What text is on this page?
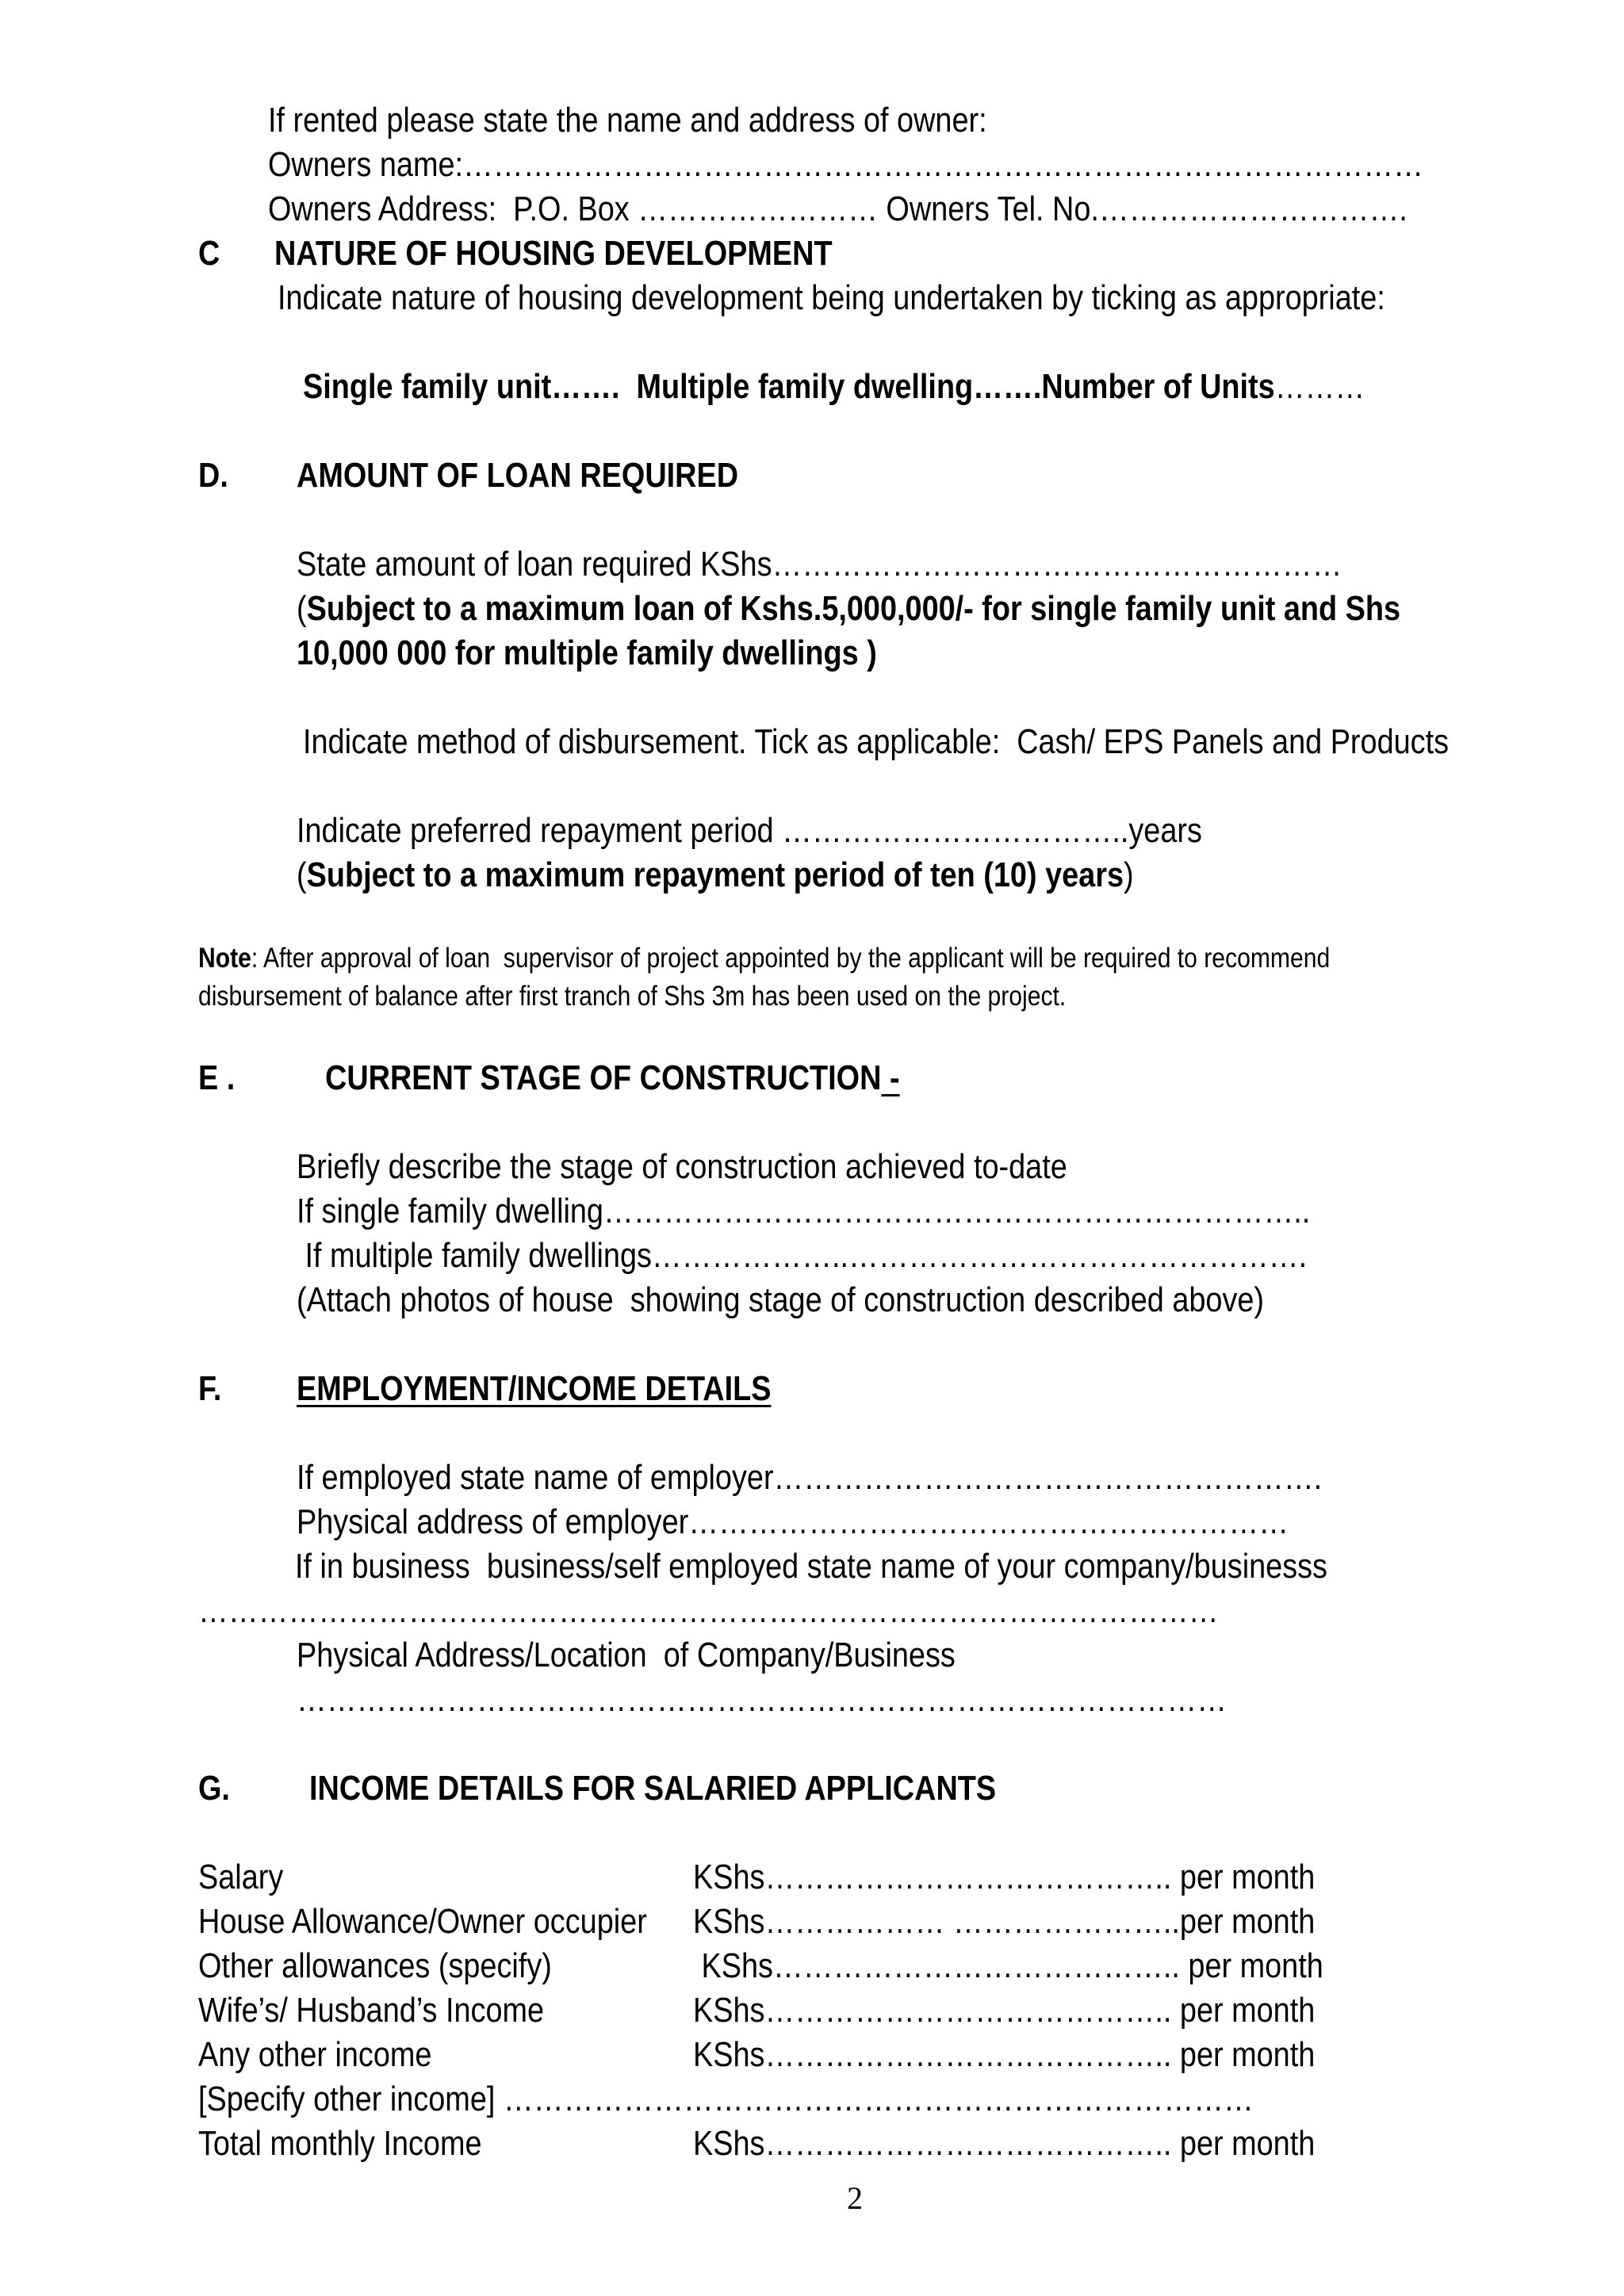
If rented please state the name and address of owner:
Owners name:……………………………………………………………………………………
Owners Address:  P.O. Box …………………… Owners Tel. No.………………………….
C NATURE OF HOUSING DEVELOPMENT
Indicate nature of housing development being undertaken by ticking as appropriate:
Single family unit…….  Multiple family dwelling…….Number of Units………
D. AMOUNT OF LOAN REQUIRED
State amount of loan required KShs…………………………………………………
(Subject to a maximum loan of Kshs.5,000,000/- for single family unit and Shs
10,000 000 for multiple family dwellings )
Indicate method of disbursement. Tick as applicable:  Cash/ EPS Panels and Products
Indicate preferred repayment period ……………………………..years
(Subject to a maximum repayment period of ten (10) years)
Note: After approval of loan  supervisor of project appointed by the applicant will be required to recommend
disbursement of balance after first tranch of Shs 3m has been used on the project.
E .	CURRENT STAGE OF CONSTRUCTION -
Briefly describe the stage of construction achieved to-date
If single family dwelling……………………………………………………………..
If multiple family dwellings………………..……………………………………….
(Attach photos of house  showing stage of construction described above)
F. EMPLOYMENT/INCOME DETAILS
If employed state name of employer……………………………………………….
Physical address of employer……………………………………………………
If in business  business/self employed state name of your company/businesss
…………………………………………………………………………………………
Physical Address/Location  of Company/Business
…………………………………………………………………………………
G. INCOME DETAILS FOR SALARIED APPLICANTS
Salary	KShs………………………………….. per month
House Allowance/Owner occupier KShs……………… …………………..per month
Other allowances (specify)	KShs………………………………….. per month
Wife’s/ Husband’s Income	KShs………………………………….. per month
Any other income	KShs………………………………….. per month
[Specify other income] …………………………………………………………………
Total monthly Income	KShs………………………………….. per month
2
